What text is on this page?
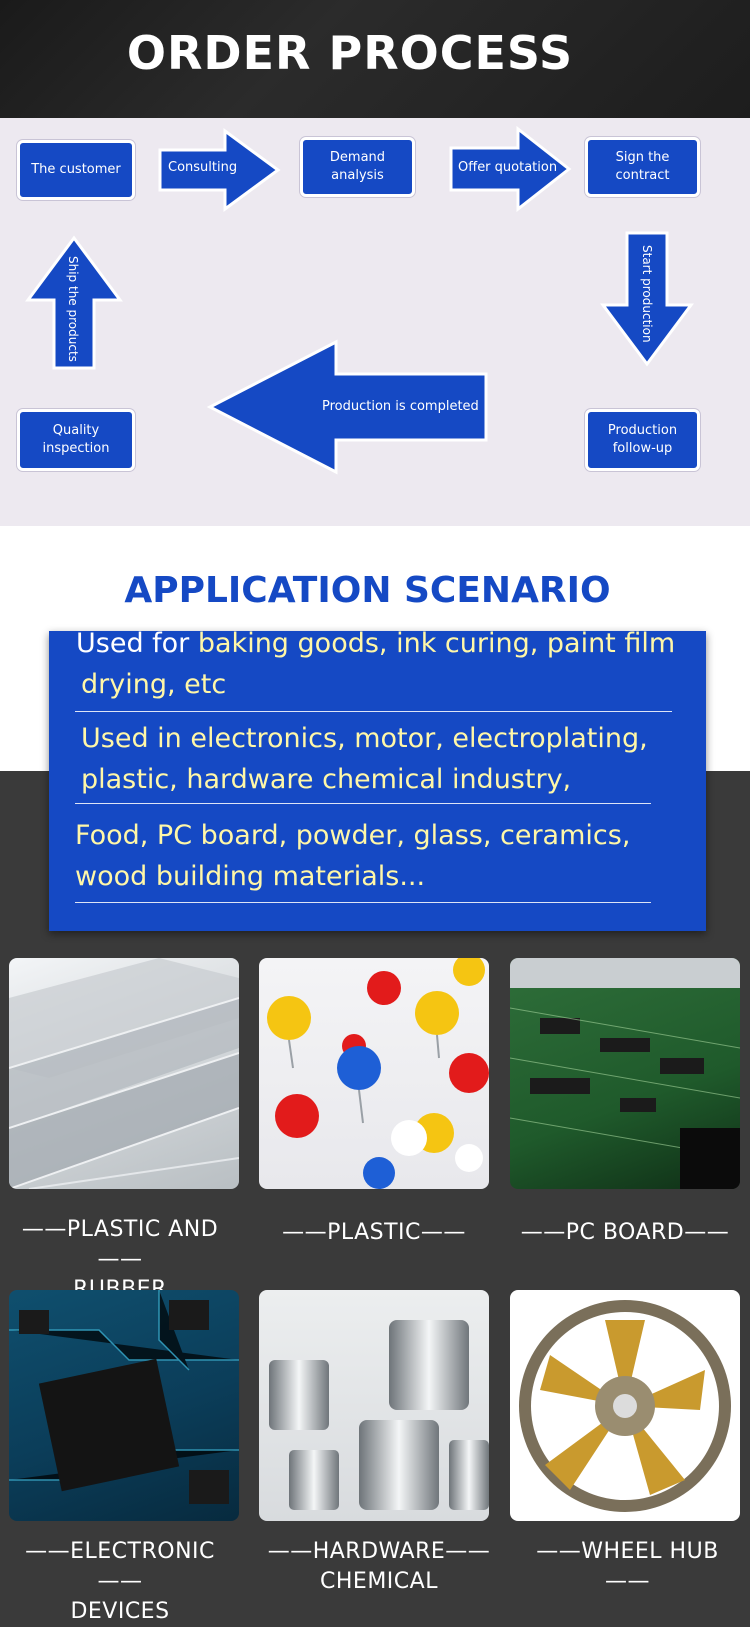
ORDER PROCESS
The customer
Demand analysis
Sign the contract
Production
follow-up
Quality
inspection
Consulting	Offer quotation
Start production
Production is completed
Ship the products
APPLICATION SCENARIO
Used for baking goods, ink curing, paint film
drying, etc
Used in electronics, motor, electroplating,
plastic, hardware chemical industry,
Food, PC board, powder, glass, ceramics,
wood building materials...
——PLASTIC AND——
——PLASTIC——	——PC BOARD——
——ELECTRONIC ——
DEVICES
——HARDWARE——
CHEMICAL
——WHEEL HUB——
